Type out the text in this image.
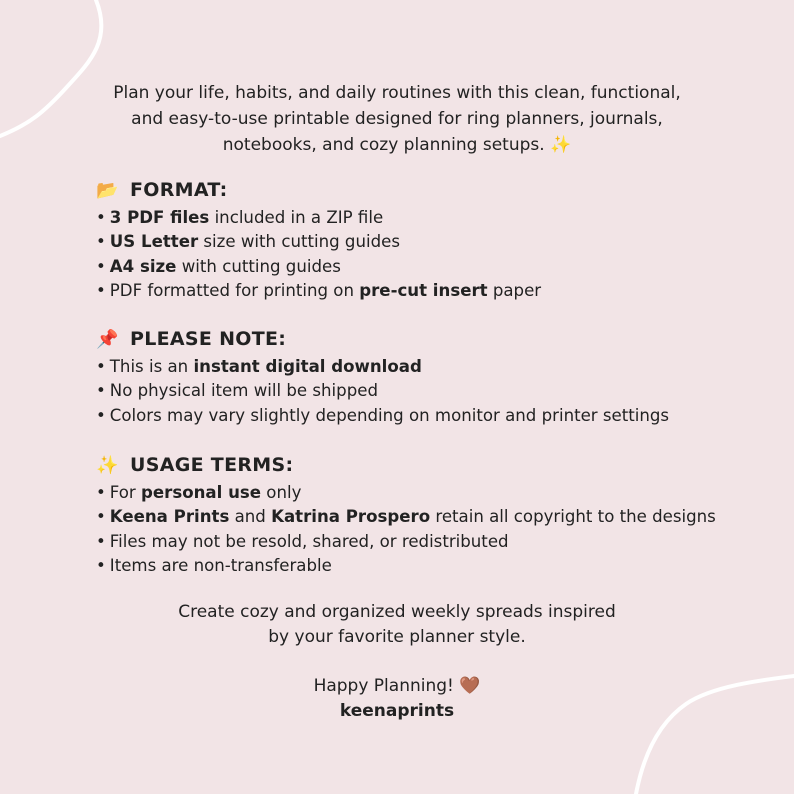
Plan your life, habits, and daily routines with this clean, functional,
and easy-to-use printable designed for ring planners, journals,
notebooks, and cozy planning setups. ✨
📂 FORMAT:
• 3 PDF files included in a ZIP file
• US Letter size with cutting guides
• A4 size with cutting guides
• PDF formatted for printing on pre-cut insert paper
📌 PLEASE NOTE:
• This is an instant digital download
• No physical item will be shipped
• Colors may vary slightly depending on monitor and printer settings
✨ USAGE TERMS:
• For personal use only
• Keena Prints and Katrina Prospero retain all copyright to the designs
• Files may not be resold, shared, or redistributed
• Items are non-transferable
Create cozy and organized weekly spreads inspired
by your favorite planner style.
Happy Planning! 🤎
keenaprints
